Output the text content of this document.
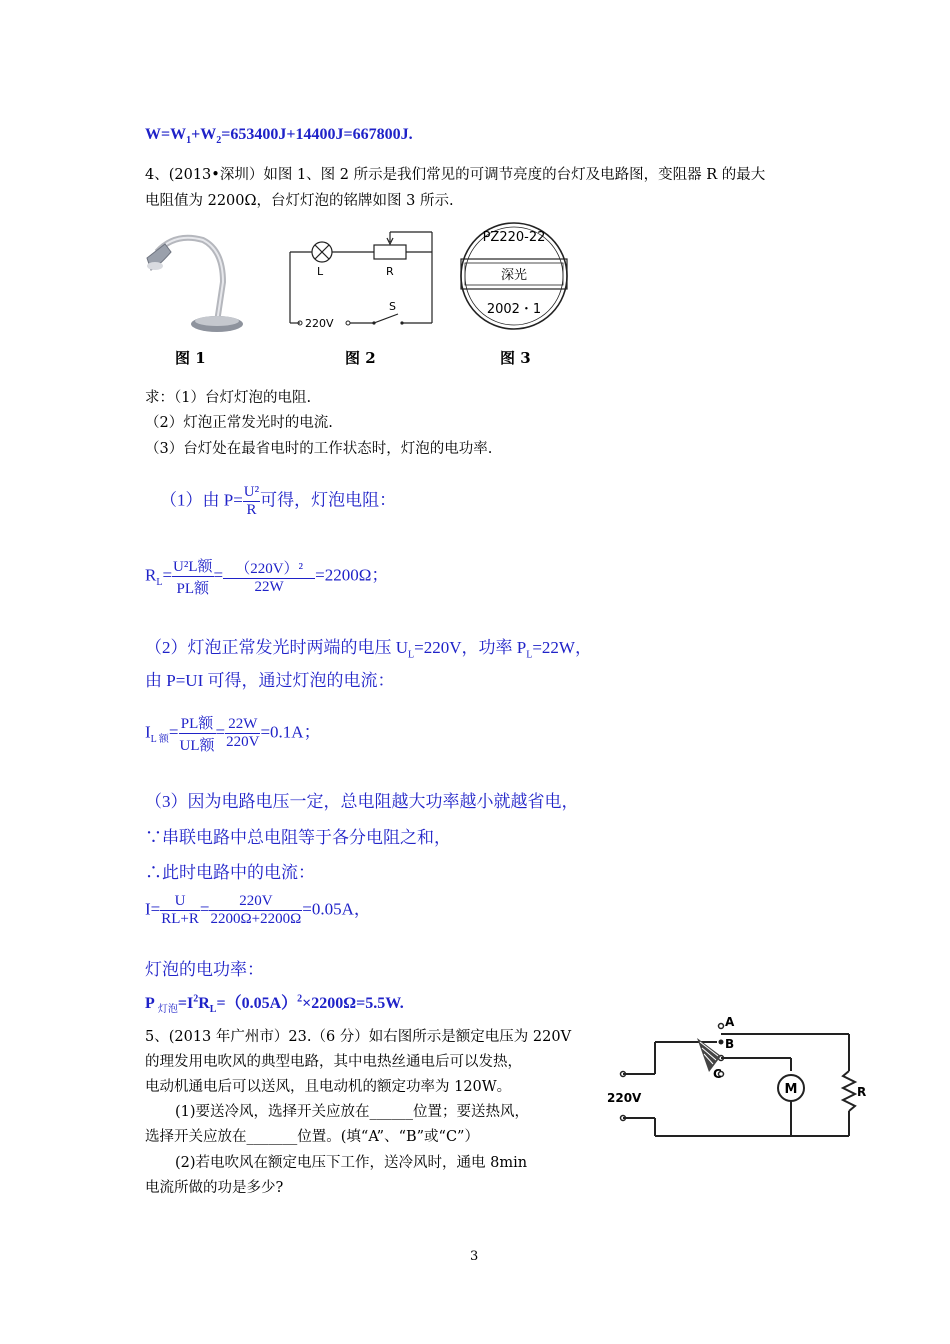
$W=W_1+W_2=653400J+14400J=667800J$.
4、(2013•深圳）如图 1、图 2 所示是我们常见的可调节亮度的台灯及电路图，变阻器 R 的最大
电阻值为 2200Ω，台灯灯泡的铭牌如图 3 所示.
图 1
L	R
220V
S
图 2
PZ220-22
深光
2002・1
图 3
求：（1）台灯灯泡的电阻.
（2）灯泡正常发光时的电流.
（3）台灯处在最省电时的工作状态时，灯泡的电功率.
（1）由 $P= \frac{\text{U²}}{R}$ 可得，灯泡电阻：
$R_L= \frac{\text{U²L额}}{\text{PL额}} = \frac{\text{（220V）²}}{22W} =2200\Omega$；
（2）灯泡正常发光时两端的电压 $U_L=220V$，功率 $P_L=22W$，
由 P=UI 可得，通过灯泡的电流：
$I_{L 额}= \frac{\text{PL额}}{\text{UL额}} = \frac{22W}{220V} =0.1A$；
（3）因为电路电压一定，总电阻越大功率越小就越省电，
∵串联电路中总电阻等于各分电阻之和，
∴此时电路中的电流：
$I= \frac{U}{RL+R} = \frac{220V}{2200\Omega+2200\Omega} =0.05A$，
灯泡的电功率：
P $_{灯泡}=I^2R_L=(0.05A)^2\times 2200\Omega=5.5W$.
5、(2013 年广州市）23.（6 分）如右图所示是额定电压为 220V
的理发用电吹风的典型电路，其中电热丝通电后可以发热，
电动机通电后可以送风，且电动机的额定功率为 120W。
(1)要送冷风，选择开关应放在______位置；要送热风，
选择开关应放在_______位置。(填“A”、“B”或“C”）
(2)若电吹风在额定电压下工作，送冷风时，通电 8min
电流所做的功是多少?
A
B
C
220V
M	R
3
